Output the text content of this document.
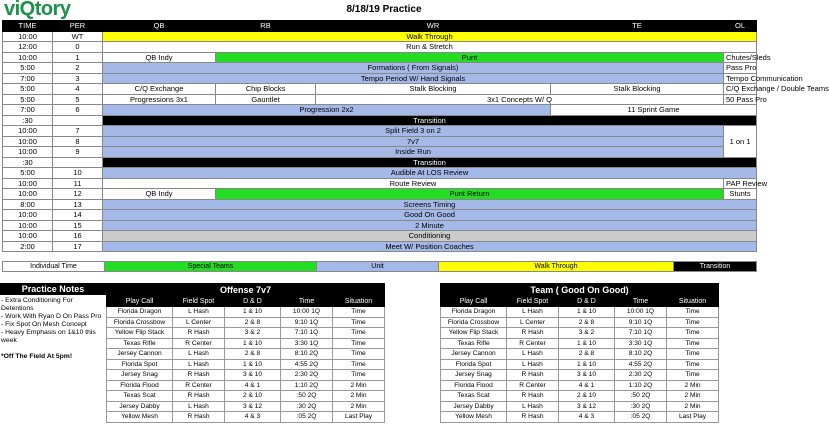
viQtory	8/18/19 Practice
TIME	PER	QB	RB	WR	TE	OL	
10:00	WT	Walk Through	
12:00	0	Run & Stretch	
10:00	1	QB Indy	Punt			Chutes/Sleds	
5:00	2	Formations ( From Signals)				Pass Pro	
7:00	3	Tempo Period W/ Hand Signals				Tempo Communication	
5:00	4	C/Q Exchange	Chip Blocks	Stalk Blocking	Stalk Blocking	C/Q Exchange / Double Teams	
5:00	5	Progressions 3x1	Gauntlet	3x1 Concepts W/ Q		50 Pass Pro	
7:00	6	Progression 2x2			11 Sprint Game	
:30		Transition					
10:00	7	Split Field 3 on 2				1 on 1	
10:00	8	7v7	
10:00	9	Inside Run	
:30		Transition					
5:00	10	Audible At LOS Review	
10:00	11	Route Review				PAP Review	
10:00	12	QB Indy	Punt Return			Stunts	
8:00	13	Screens Timing	
10:00	14	Good On Good	
10:00	15	2 Minute	
10:00	16	Conditioning	
2:00	17	Meet W/ Position Coaches	
Individual Time	Special Teams	Unit	Walk Through	Transition
Practice Notes
- Extra Conditioning For Detentions
- Work With Ryan D On Pass Pro
- Fix Spot On Mesh Concept
- Heavy Emphasis on 1&10 this week
*Off The Field At 5pm!
Offense 7v7				
Play Call	Field Spot	D & D	Time	Situation
Florida Dragon	L Hash	1 & 10	10:00 1Q	Time
Florida Crossbow	L Center	2 & 8	9:10 1Q	Time
Yellow Flip Stack	R Hash	3 & 2	7:10 1Q	Time
Texas Rifle	R Center	1 & 10	3:30 1Q	Time
Jersey Cannon	L Hash	2 & 8	8:10 2Q	Time
Florida Spot	L Hash	1 & 10	4:55 2Q	Time
Jersey Snag	R Hash	3 & 10	2:30 2Q	Time
Florida Flood	R Center	4 & 1	1:10 2Q	2 Min
Texas Scat	R Hash	2 & 10	:50 2Q	2 Min
Jersey Dabby	L Hash	3 & 12	:30 2Q	2 Min
Yellow Mesh	R Hash	4 & 3	:05 2Q	Last Play
Team ( Good On Good)				
Play Call	Field Spot	D & D	Time	Situation
Florida Dragon	L Hash	1 & 10	10:00 1Q	Time
Florida Crossbow	L Center	2 & 8	9:10 1Q	Time
Yellow Flip Stack	R Hash	3 & 2	7:10 1Q	Time
Texas Rifle	R Center	1 & 10	3:30 1Q	Time
Jersey Cannon	L Hash	2 & 8	8:10 2Q	Time
Florida Spot	L Hash	1 & 10	4:55 2Q	Time
Jersey Snag	R Hash	3 & 10	2:30 2Q	Time
Florida Flood	R Center	4 & 1	1:10 2Q	2 Min
Texas Scat	R Hash	2 & 10	:50 2Q	2 Min
Jersey Dabby	L Hash	3 & 12	:30 2Q	2 Min
Yellow Mesh	R Hash	4 & 3	:05 2Q	Last Play
